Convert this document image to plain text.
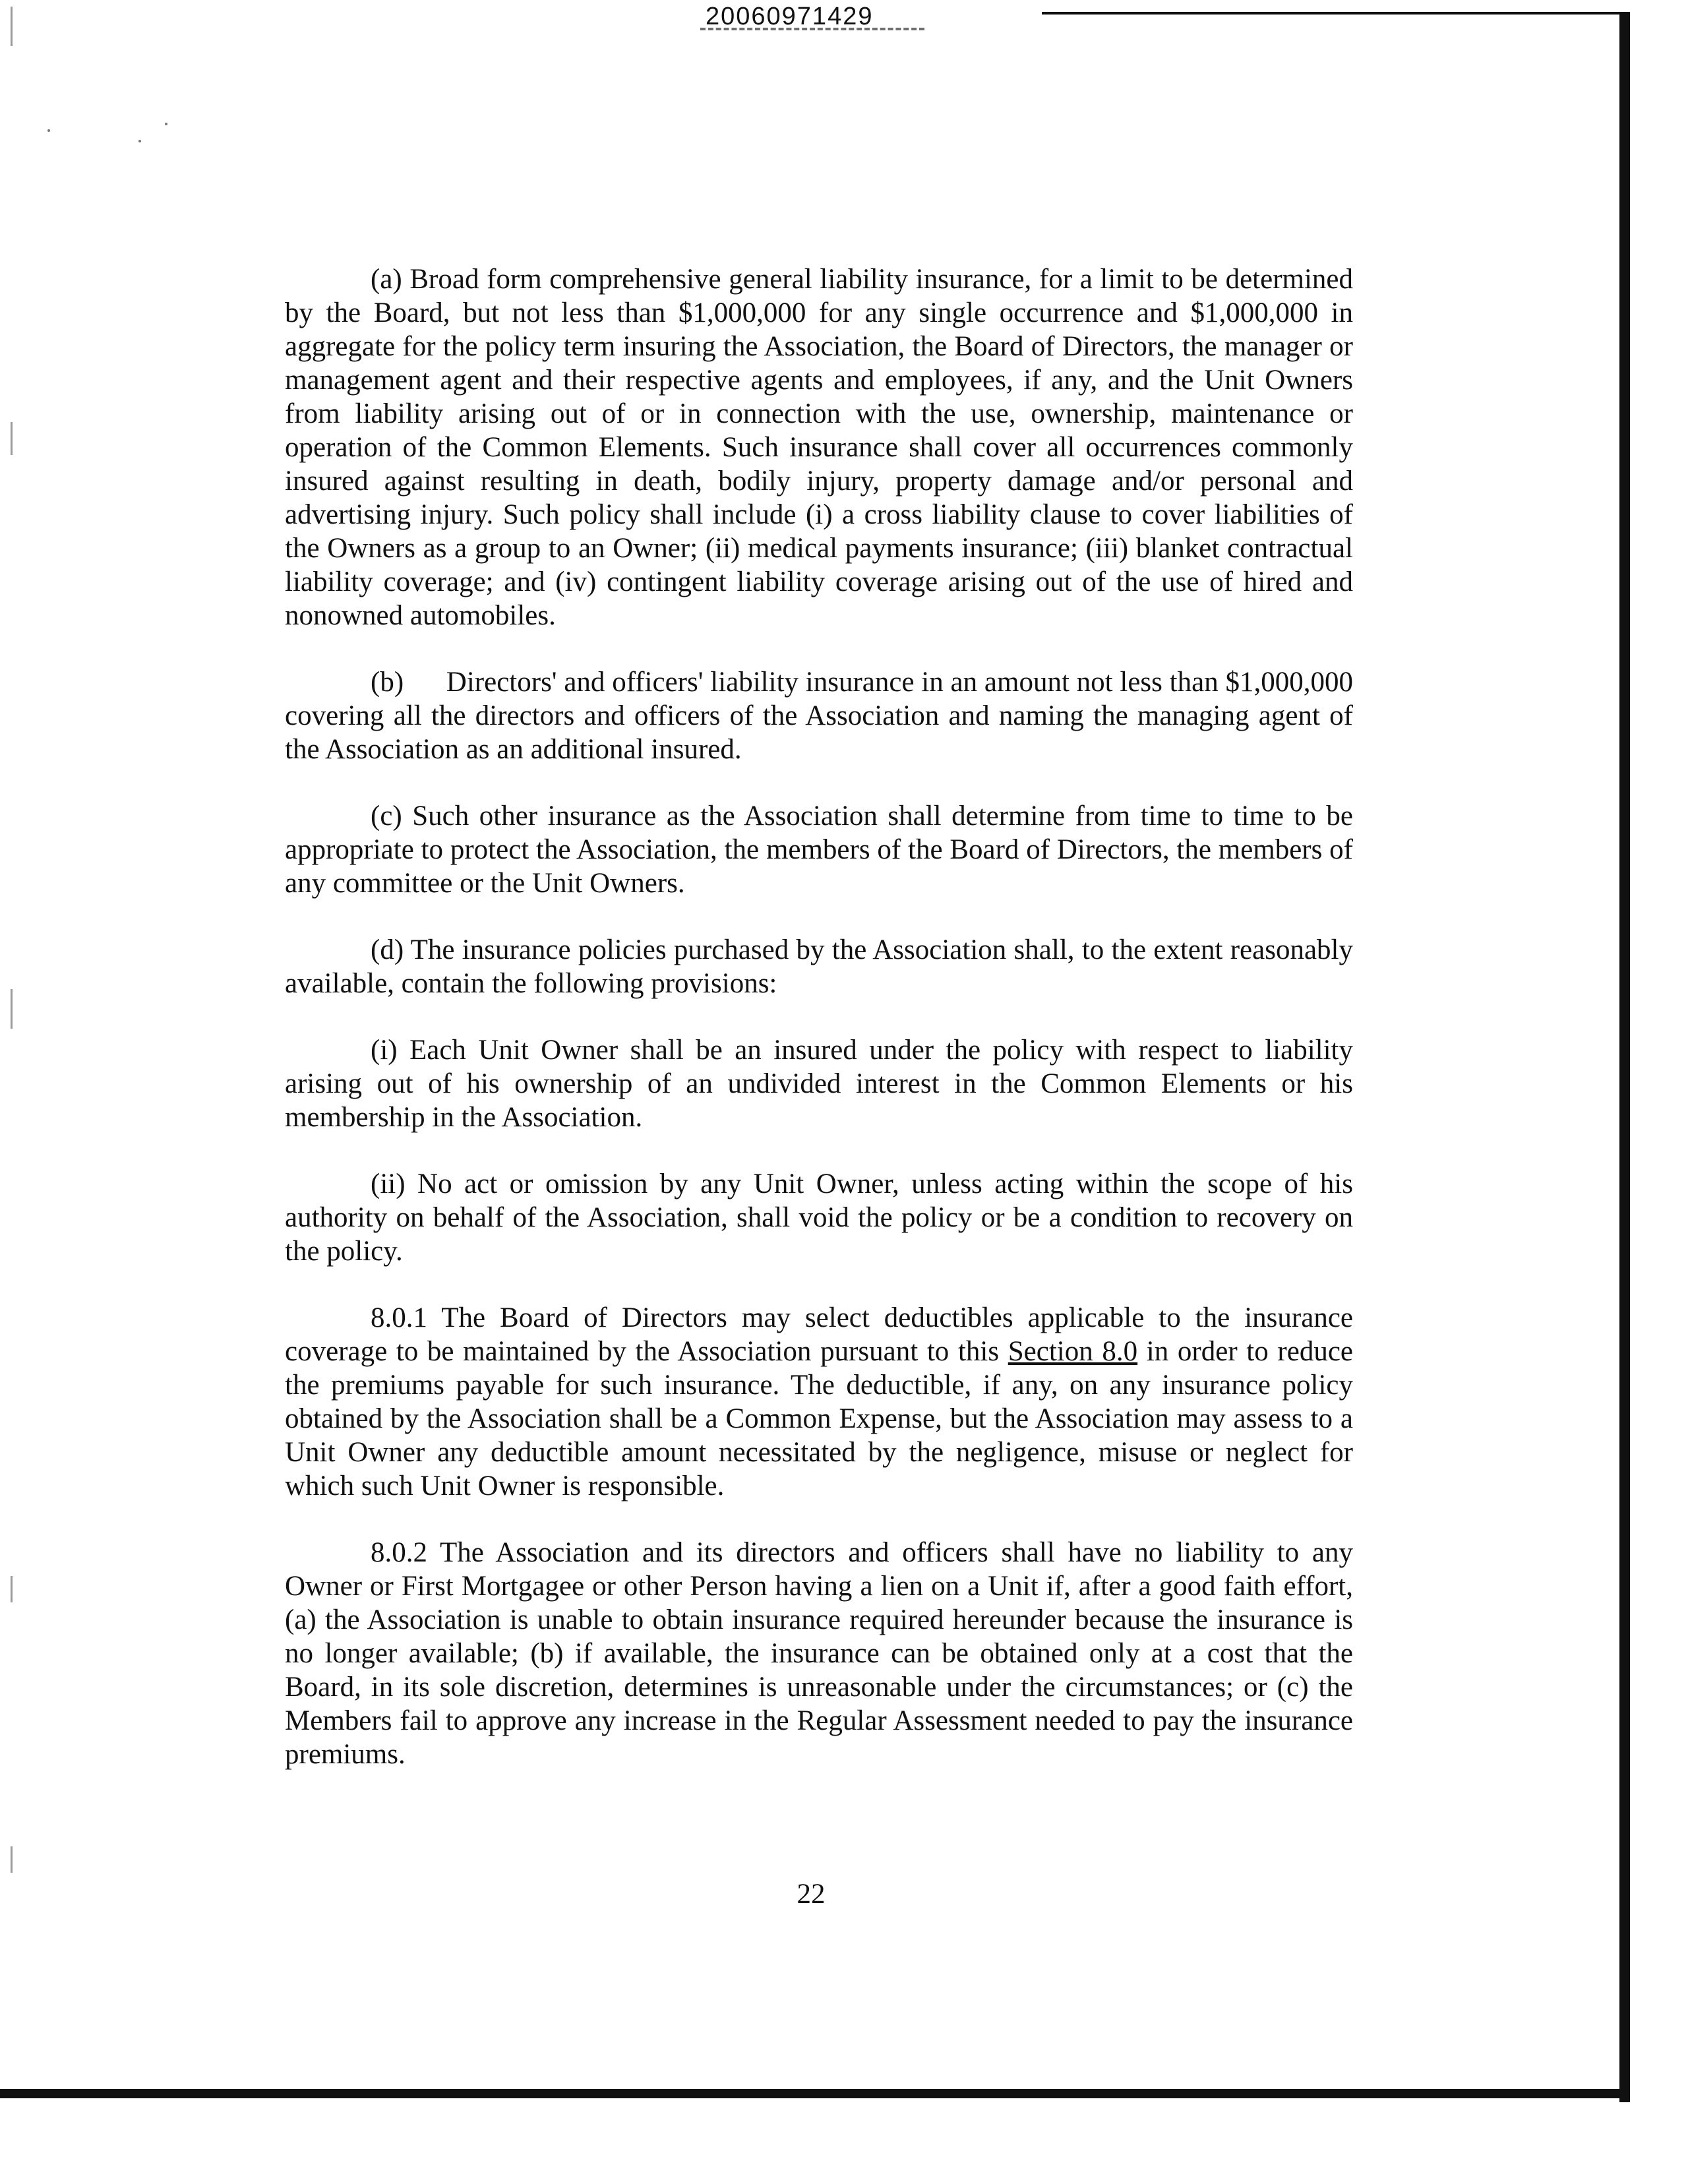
20060971429

(a) Broad form comprehensive general liability insurance, for a limit to be determined by the Board, but not less than $1,000,000 for any single occurrence and $1,000,000 in aggregate for the policy term insuring the Association, the Board of Directors, the manager or management agent and their respective agents and employees, if any, and the Unit Owners from liability arising out of or in connection with the use, ownership, maintenance or operation of the Common Elements. Such insurance shall cover all occurrences commonly insured against resulting in death, bodily injury, property damage and/or personal and advertising injury. Such policy shall include (i) a cross liability clause to cover liabilities of the Owners as a group to an Owner; (ii) medical payments insurance; (iii) blanket contractual liability coverage; and (iv) contingent liability coverage arising out of the use of hired and nonowned automobiles.

(b)      Directors' and officers' liability insurance in an amount not less than $1,000,000 covering all the directors and officers of the Association and naming the managing agent of the Association as an additional insured.

(c) Such other insurance as the Association shall determine from time to time to be appropriate to protect the Association, the members of the Board of Directors, the members of any committee or the Unit Owners.

(d) The insurance policies purchased by the Association shall, to the extent reasonably available, contain the following provisions:

(i) Each Unit Owner shall be an insured under the policy with respect to liability arising out of his ownership of an undivided interest in the Common Elements or his membership in the Association.

(ii) No act or omission by any Unit Owner, unless acting within the scope of his authority on behalf of the Association, shall void the policy or be a condition to recovery on the policy.

8.0.1 The Board of Directors may select deductibles applicable to the insurance coverage to be maintained by the Association pursuant to this Section 8.0 in order to reduce the premiums payable for such insurance. The deductible, if any, on any insurance policy obtained by the Association shall be a Common Expense, but the Association may assess to a Unit Owner any deductible amount necessitated by the negligence, misuse or neglect for which such Unit Owner is responsible.

8.0.2 The Association and its directors and officers shall have no liability to any Owner or First Mortgagee or other Person having a lien on a Unit if, after a good faith effort, (a) the Association is unable to obtain insurance required hereunder because the insurance is no longer available; (b) if available, the insurance can be obtained only at a cost that the Board, in its sole discretion, determines is unreasonable under the circumstances; or (c) the Members fail to approve any increase in the Regular Assessment needed to pay the insurance premiums.

22
